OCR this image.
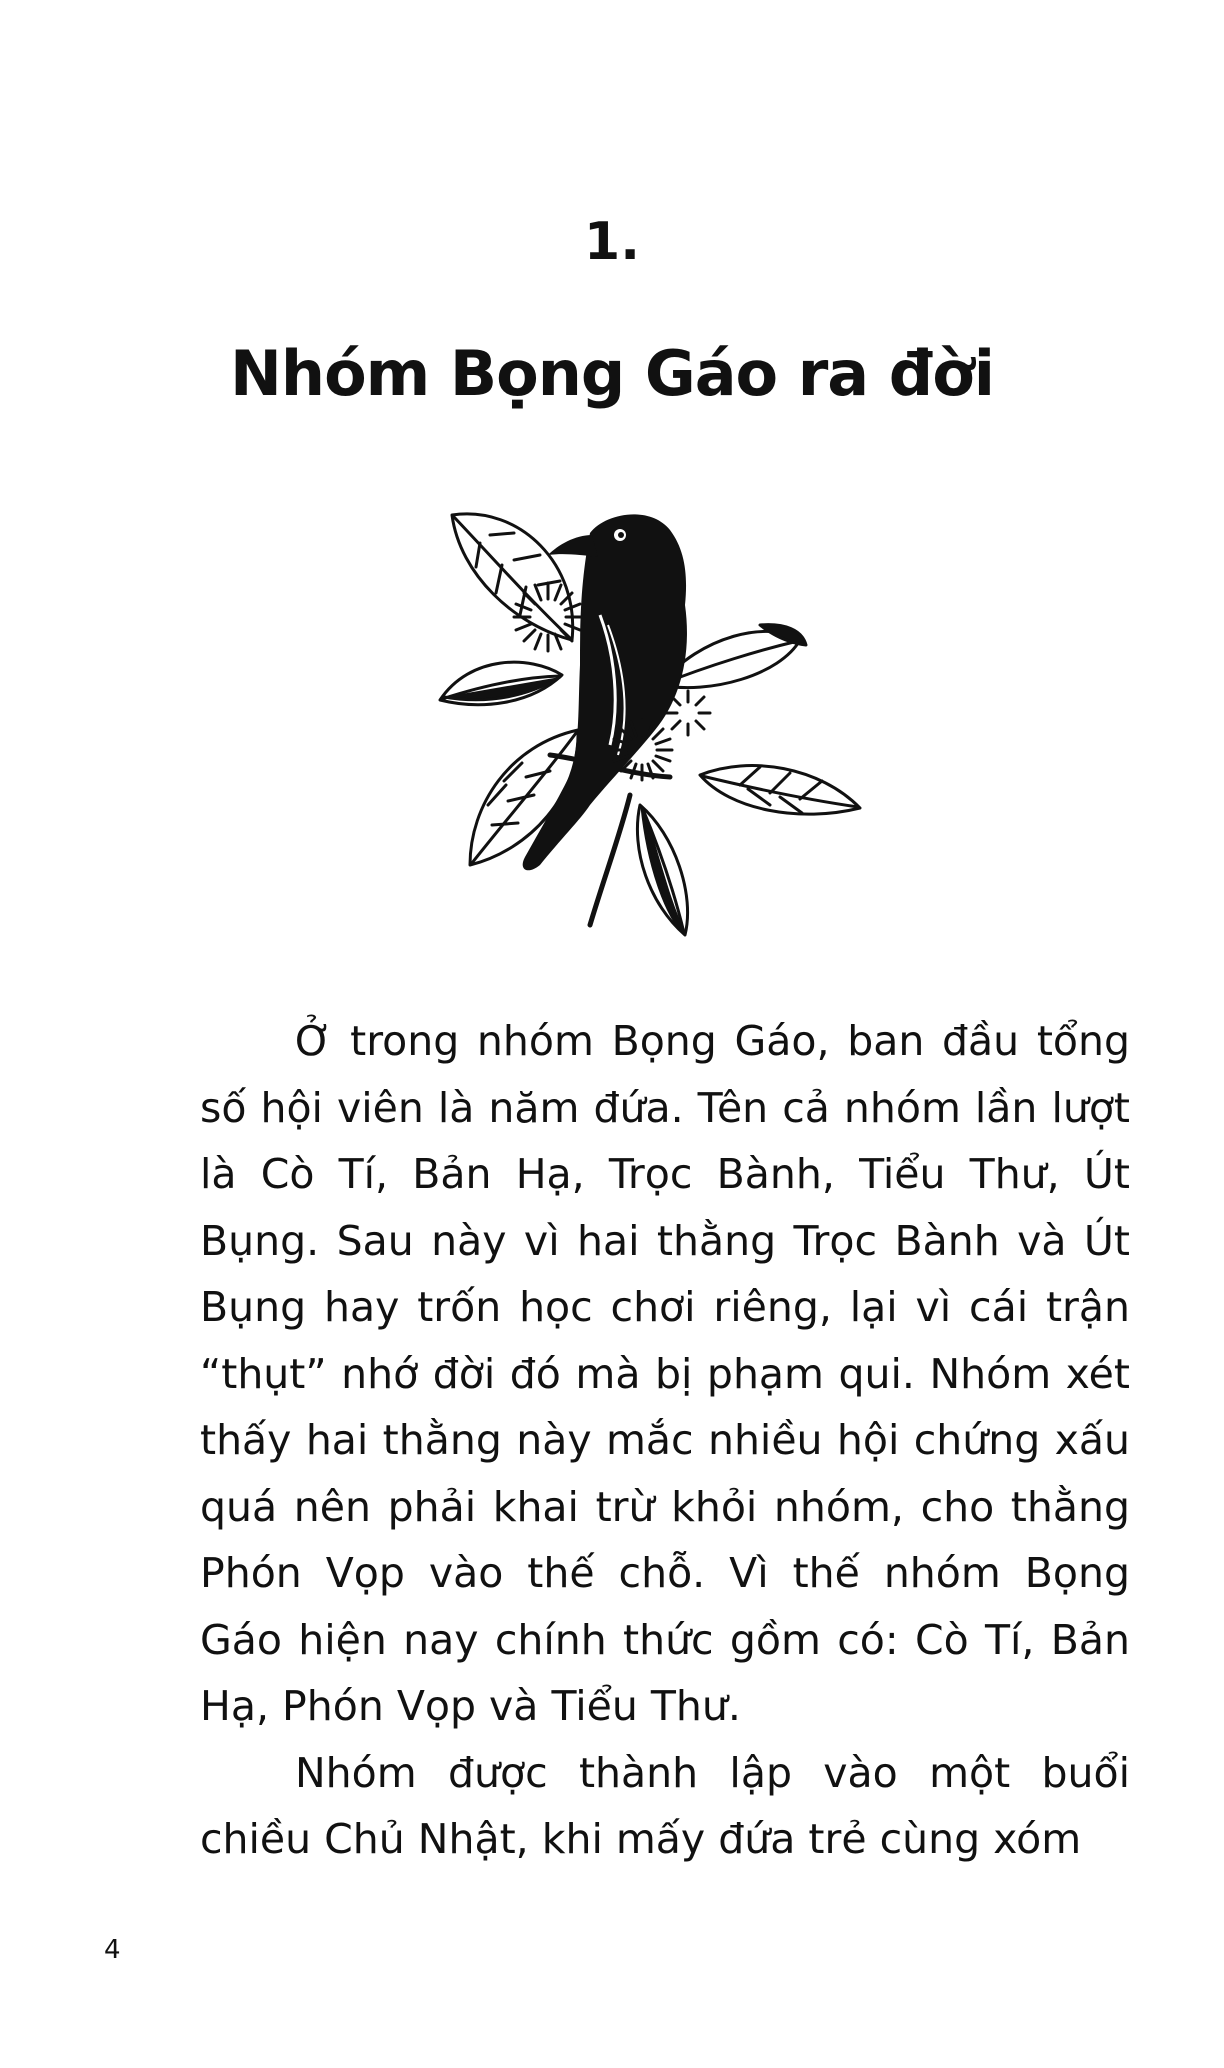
1.
Nhóm Bọng Gáo ra đời

Ở trong nhóm Bọng Gáo, ban đầu tổng số hội viên là năm đứa. Tên cả nhóm lần lượt là Cò Tí, Bản Hạ, Trọc Bành, Tiểu Thư, Út Bụng. Sau này vì hai thằng Trọc Bành và Út Bụng hay trốn học chơi riêng, lại vì cái trận “thụt” nhớ đời đó mà bị phạm qui. Nhóm xét thấy hai thằng này mắc nhiều hội chứng xấu quá nên phải khai trừ khỏi nhóm, cho thằng Phón Vọp vào thế chỗ. Vì thế nhóm Bọng Gáo hiện nay chính thức gồm có: Cò Tí, Bản Hạ, Phón Vọp và Tiểu Thư.

Nhóm được thành lập vào một buổi chiều Chủ Nhật, khi mấy đứa trẻ cùng xóm

4
